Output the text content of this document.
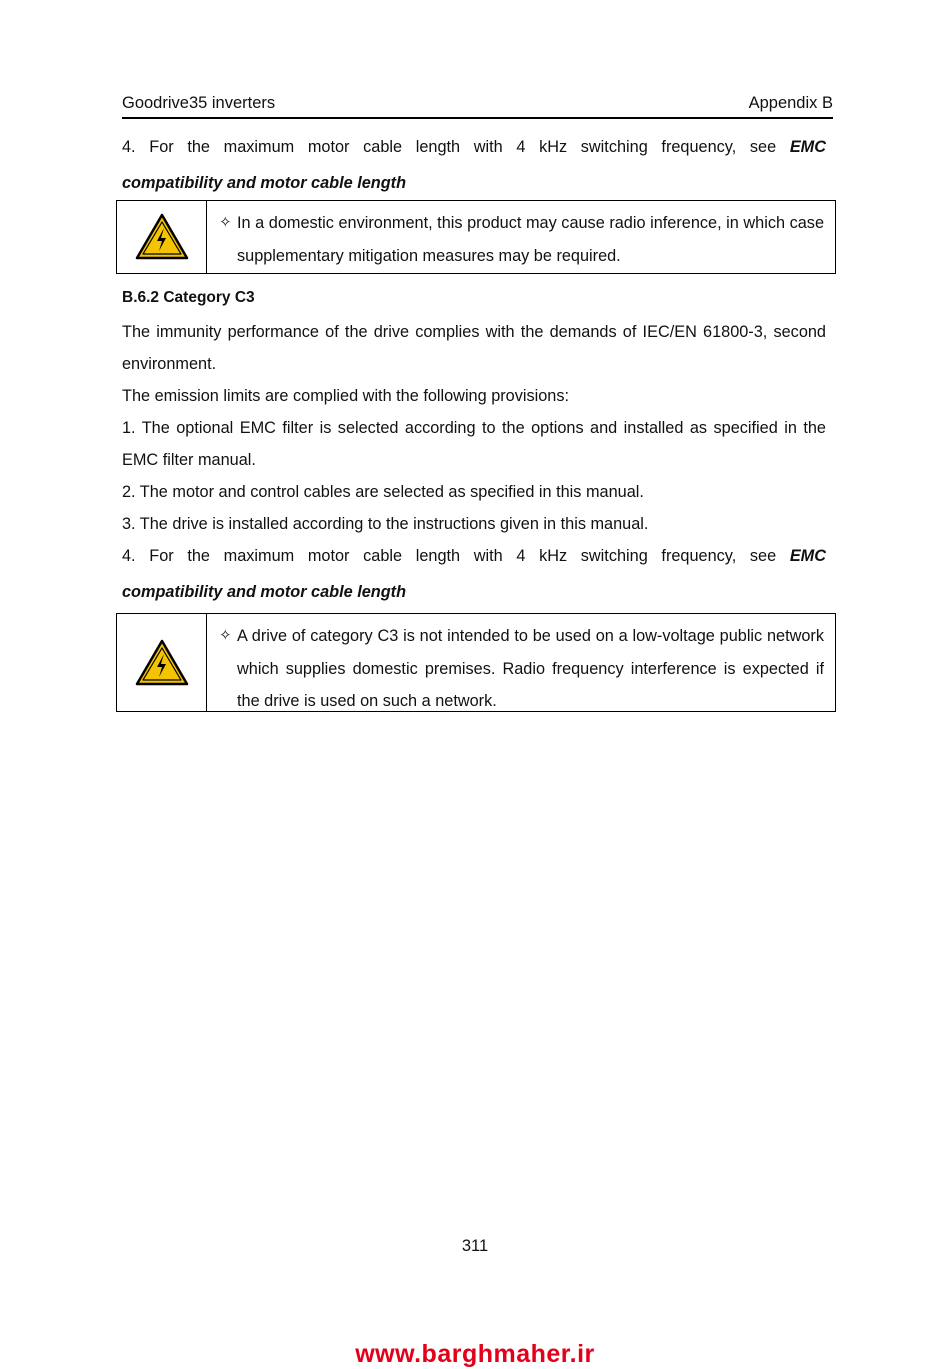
Goodrive35 inverters	Appendix B

4. For the maximum motor cable length with 4 kHz switching frequency, see EMC

compatibility and motor cable length

✧ In a domestic environment, this product may cause radio inference, in which case supplementary mitigation measures may be required.

B.6.2 Category C3

The immunity performance of the drive complies with the demands of IEC/EN 61800-3, second environment.

The emission limits are complied with the following provisions:

1. The optional EMC filter is selected according to the options and installed as specified in the EMC filter manual.

2. The motor and control cables are selected as specified in this manual.

3. The drive is installed according to the instructions given in this manual.

4. For the maximum motor cable length with 4 kHz switching frequency, see EMC

compatibility and motor cable length

✧ A drive of category C3 is not intended to be used on a low-voltage public network which supplies domestic premises. Radio frequency interference is expected if the drive is used on such a network.
311
www.barghmaher.ir
